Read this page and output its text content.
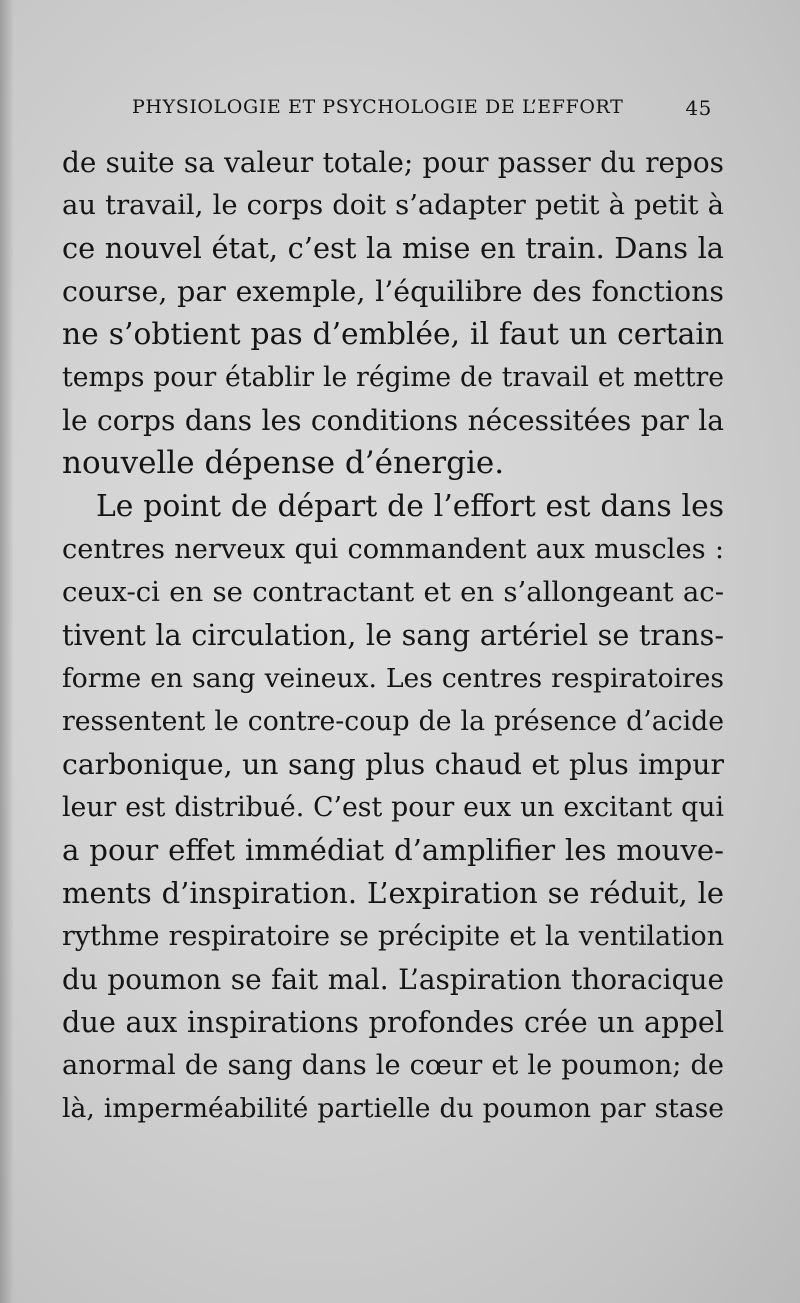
PHYSIOLOGIE ET PSYCHOLOGIE DE L’EFFORT	45
de suite sa valeur totale; pour passer du repos
au travail, le corps doit s’adapter petit à petit à
ce nouvel état, c’est la mise en train. Dans la
course, par exemple, l’équilibre des fonctions
ne s’obtient pas d’emblée, il faut un certain
temps pour établir le régime de travail et mettre
le corps dans les conditions nécessitées par la
nouvelle dépense d’énergie.
Le point de départ de l’effort est dans les
centres nerveux qui commandent aux muscles :
ceux-ci en se contractant et en s’allongeant ac-
tivent la circulation, le sang artériel se trans-
forme en sang veineux. Les centres respiratoires
ressentent le contre-coup de la présence d’acide
carbonique, un sang plus chaud et plus impur
leur est distribué. C’est pour eux un excitant qui
a pour effet immédiat d’amplifier les mouve-
ments d’inspiration. L’expiration se réduit, le
rythme respiratoire se précipite et la ventilation
du poumon se fait mal. L’aspiration thoracique
due aux inspirations profondes crée un appel
anormal de sang dans le cœur et le poumon; de
là, imperméabilité partielle du poumon par stase
